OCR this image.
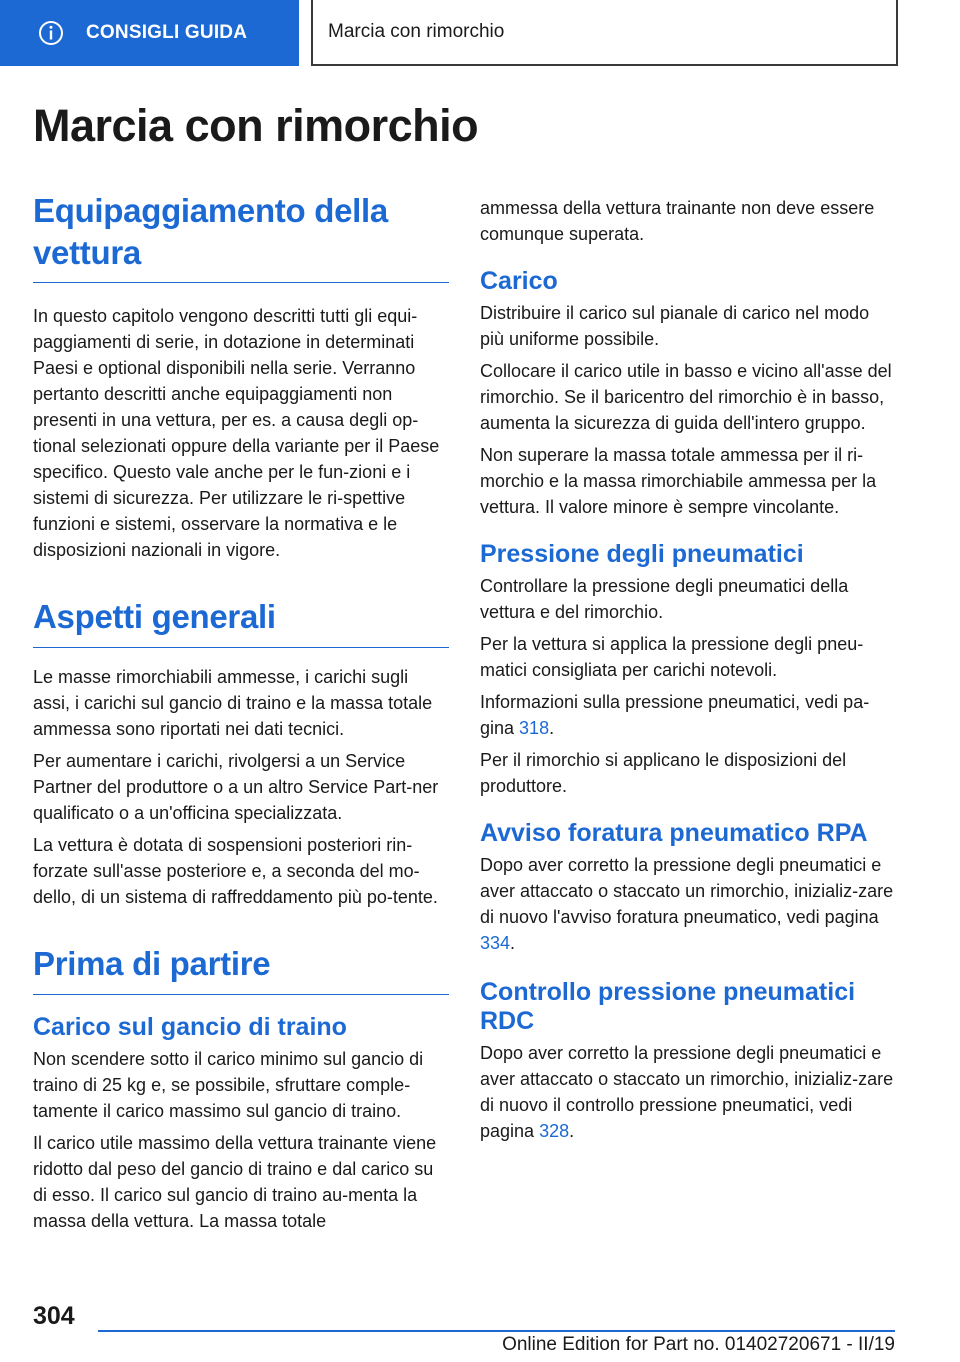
CONSIGLI GUIDA	Marcia con rimorchio
Marcia con rimorchio
Equipaggiamento della vettura

In questo capitolo vengono descritti tutti gli equi-paggiamenti di serie, in dotazione in determinati Paesi e optional disponibili nella serie. Verranno pertanto descritti anche equipaggiamenti non presenti in una vettura, per es. a causa degli op-tional selezionati oppure della variante per il Paese specifico. Questo vale anche per le fun-zioni e i sistemi di sicurezza. Per utilizzare le ri-spettive funzioni e sistemi, osservare la normativa e le disposizioni nazionali in vigore.

Aspetti generali

Le masse rimorchiabili ammesse, i carichi sugli assi, i carichi sul gancio di traino e la massa totale ammessa sono riportati nei dati tecnici.

Per aumentare i carichi, rivolgersi a un Service Partner del produttore o a un altro Service Part-ner qualificato o a un'officina specializzata.

La vettura è dotata di sospensioni posteriori rin-forzate sull'asse posteriore e, a seconda del mo-dello, di un sistema di raffreddamento più po-tente.

Prima di partire
Carico sul gancio di traino

Non scendere sotto il carico minimo sul gancio di traino di 25 kg e, se possibile, sfruttare comple-tamente il carico massimo sul gancio di traino.

Il carico utile massimo della vettura trainante viene ridotto dal peso del gancio di traino e dal carico su di esso. Il carico sul gancio di traino au-menta la massa della vettura. La massa totale

ammessa della vettura trainante non deve essere comunque superata.

Carico

Distribuire il carico sul pianale di carico nel modo più uniforme possibile.

Collocare il carico utile in basso e vicino all'asse del rimorchio. Se il baricentro del rimorchio è in basso, aumenta la sicurezza di guida dell'intero gruppo.

Non superare la massa totale ammessa per il ri-morchio e la massa rimorchiabile ammessa per la vettura. Il valore minore è sempre vincolante.

Pressione degli pneumatici

Controllare la pressione degli pneumatici della vettura e del rimorchio.

Per la vettura si applica la pressione degli pneu-matici consigliata per carichi notevoli.

Informazioni sulla pressione pneumatici, vedi pa-gina 318.

Per il rimorchio si applicano le disposizioni del produttore.

Avviso foratura pneumatico RPA

Dopo aver corretto la pressione degli pneumatici e aver attaccato o staccato un rimorchio, inizializ-zare di nuovo l'avviso foratura pneumatico, vedi pagina 334.

Controllo pressione pneumatici RDC

Dopo aver corretto la pressione degli pneumatici e aver attaccato o staccato un rimorchio, inizializ-zare di nuovo il controllo pressione pneumatici, vedi pagina 328.

304
Online Edition for Part no. 01402720671 - II/19
